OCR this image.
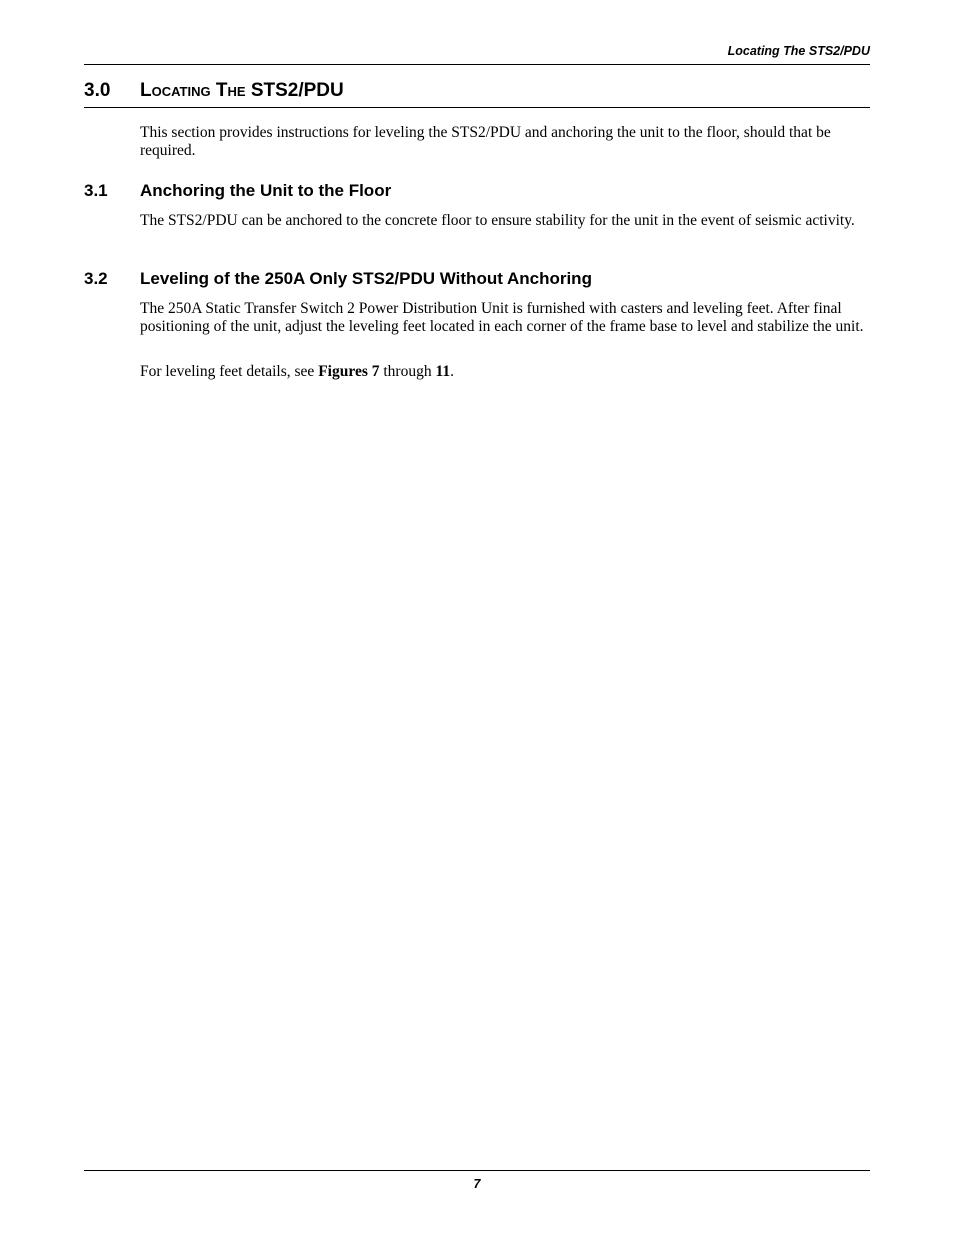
Locating The STS2/PDU
3.0 Locating The STS2/PDU

This section provides instructions for leveling the STS2/PDU and anchoring the unit to the floor, should that be required.

3.1 Anchoring the Unit to the Floor

The STS2/PDU can be anchored to the concrete floor to ensure stability for the unit in the event of seismic activity.

3.2 Leveling of the 250A Only STS2/PDU Without Anchoring

The 250A Static Transfer Switch 2 Power Distribution Unit is furnished with casters and leveling feet. After final positioning of the unit, adjust the leveling feet located in each corner of the frame base to level and stabilize the unit.

For leveling feet details, see Figures 7 through 11.

7
